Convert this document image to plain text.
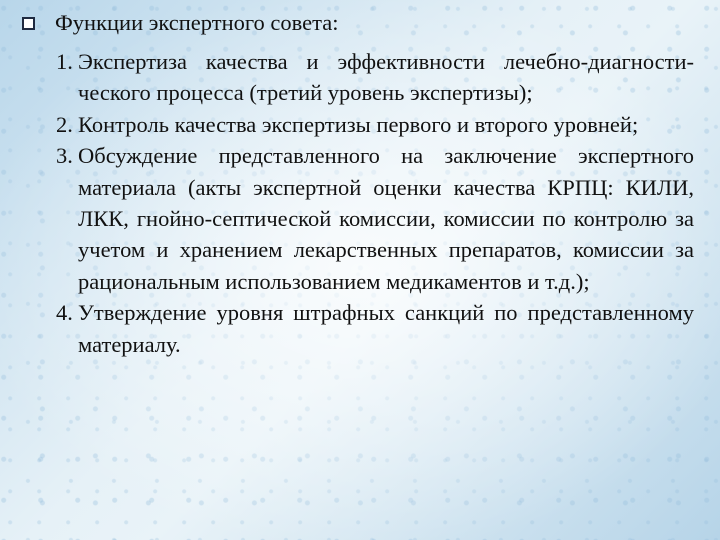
Функции экспертного совета:
1. Экспертиза качества и эффективности лечебно-диагности-ческого процесса (третий уровень экспертизы);
2. Контроль качества экспертизы первого и второго уровней;
3. Обсуждение представленного на заключение экспертного материала (акты экспертной оценки качества КРПЦ: КИЛИ, ЛКК, гнойно-септической комиссии, комиссии по контролю за учетом и хранением лекарственных препаратов, комиссии за рациональным использованием медикаментов и т.д.);
4. Утверждение уровня штрафных санкций по представленному материалу.
